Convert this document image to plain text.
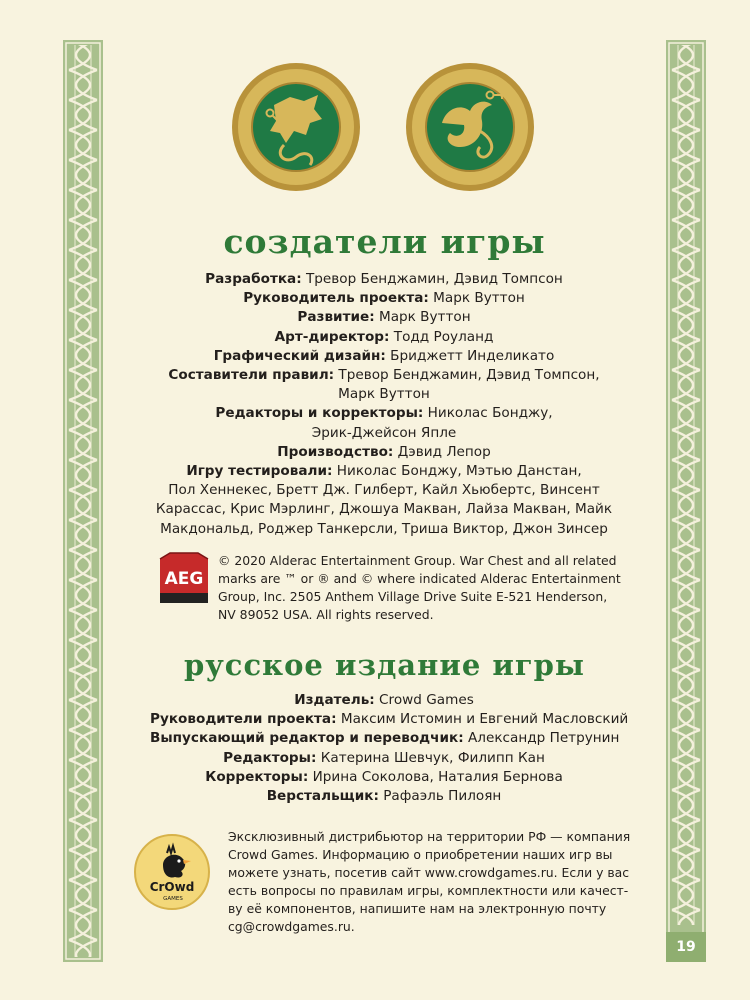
19
создатели игры
Разработка: Тревор Бенджамин, Дэвид Томпсон
Руководитель проекта: Марк Вуттон
Развитие: Марк Вуттон
Арт-директор: Тодд Роуланд
Графический дизайн: Бриджетт Инделикато
Составители правил: Тревор Бенджамин, Дэвид Томпсон,
Марк Вуттон
Редакторы и корректоры: Николас Бонджу,
Эрик-Джейсон Япле
Производство: Дэвид Лепор
Игру тестировали: Николас Бонджу, Мэтью Данстан,
Пол Хеннекес, Бретт Дж. Гилберт, Кайл Хьюбертс, Винсент
Карассас, Крис Мэрлинг, Джошуа Макван, Лайза Макван, Майк
Макдональд, Роджер Танкерсли, Триша Виктор, Джон Зинсер
AEG
© 2020 Alderac Entertainment Group. War Chest and all related
marks are ™ or ® and © where indicated Alderac Entertainment
Group, Inc. 2505 Anthem Village Drive Suite E-521 Henderson,
NV 89052 USA. All rights reserved.
русское издание игры
Издатель: Crowd Games
Руководители проекта: Максим Истомин и Евгений Масловский
Выпускающий редактор и переводчик: Александр Петрунин
Редакторы: Катерина Шевчук, Филипп Кан
Корректоры: Ирина Соколова, Наталия Бернова
Верстальщик: Рафаэль Пилоян
CrOwd
GAMES
Эксклюзивный дистрибьютор на территории РФ — компания
Crowd Games. Информацию о приобретении наших игр вы
можете узнать, посетив сайт www.crowdgames.ru. Если у вас
есть вопросы по правилам игры, комплектности или качест-
ву её компонентов, напишите нам на электронную почту
cg@crowdgames.ru.
